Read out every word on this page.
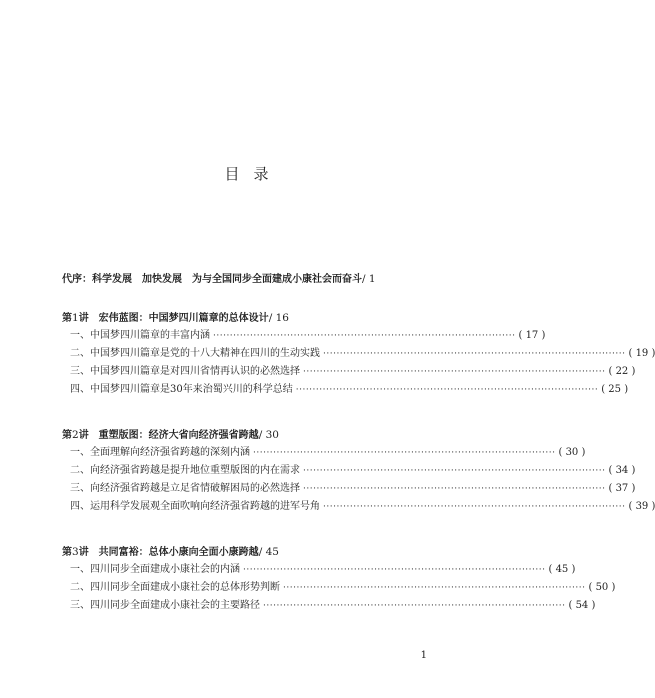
目录
代序：科学发展　加快发展　为与全国同步全面建成小康社会而奋斗/ 1
第1讲　宏伟蓝图：中国梦四川篇章的总体设计/ 16
一、中国梦四川篇章的丰富内涵 ·························································································· ( 17 )
二、中国梦四川篇章是党的十八大精神在四川的生动实践 ·························································································· ( 19 )
三、中国梦四川篇章是对四川省情再认识的必然选择 ·························································································· ( 22 )
四、中国梦四川篇章是30年来治蜀兴川的科学总结 ·························································································· ( 25 )
第2讲　重塑版图：经济大省向经济强省跨越/ 30
一、全面理解向经济强省跨越的深刻内涵 ·························································································· ( 30 )
二、向经济强省跨越是提升地位重塑版图的内在需求 ·························································································· ( 34 )
三、向经济强省跨越是立足省情破解困局的必然选择 ·························································································· ( 37 )
四、运用科学发展观全面吹响向经济强省跨越的进军号角 ·························································································· ( 39 )
第3讲　共同富裕：总体小康向全面小康跨越/ 45
一、四川同步全面建成小康社会的内涵 ·························································································· ( 45 )
二、四川同步全面建成小康社会的总体形势判断 ·························································································· ( 50 )
三、四川同步全面建成小康社会的主要路径 ·························································································· ( 54 )
1
